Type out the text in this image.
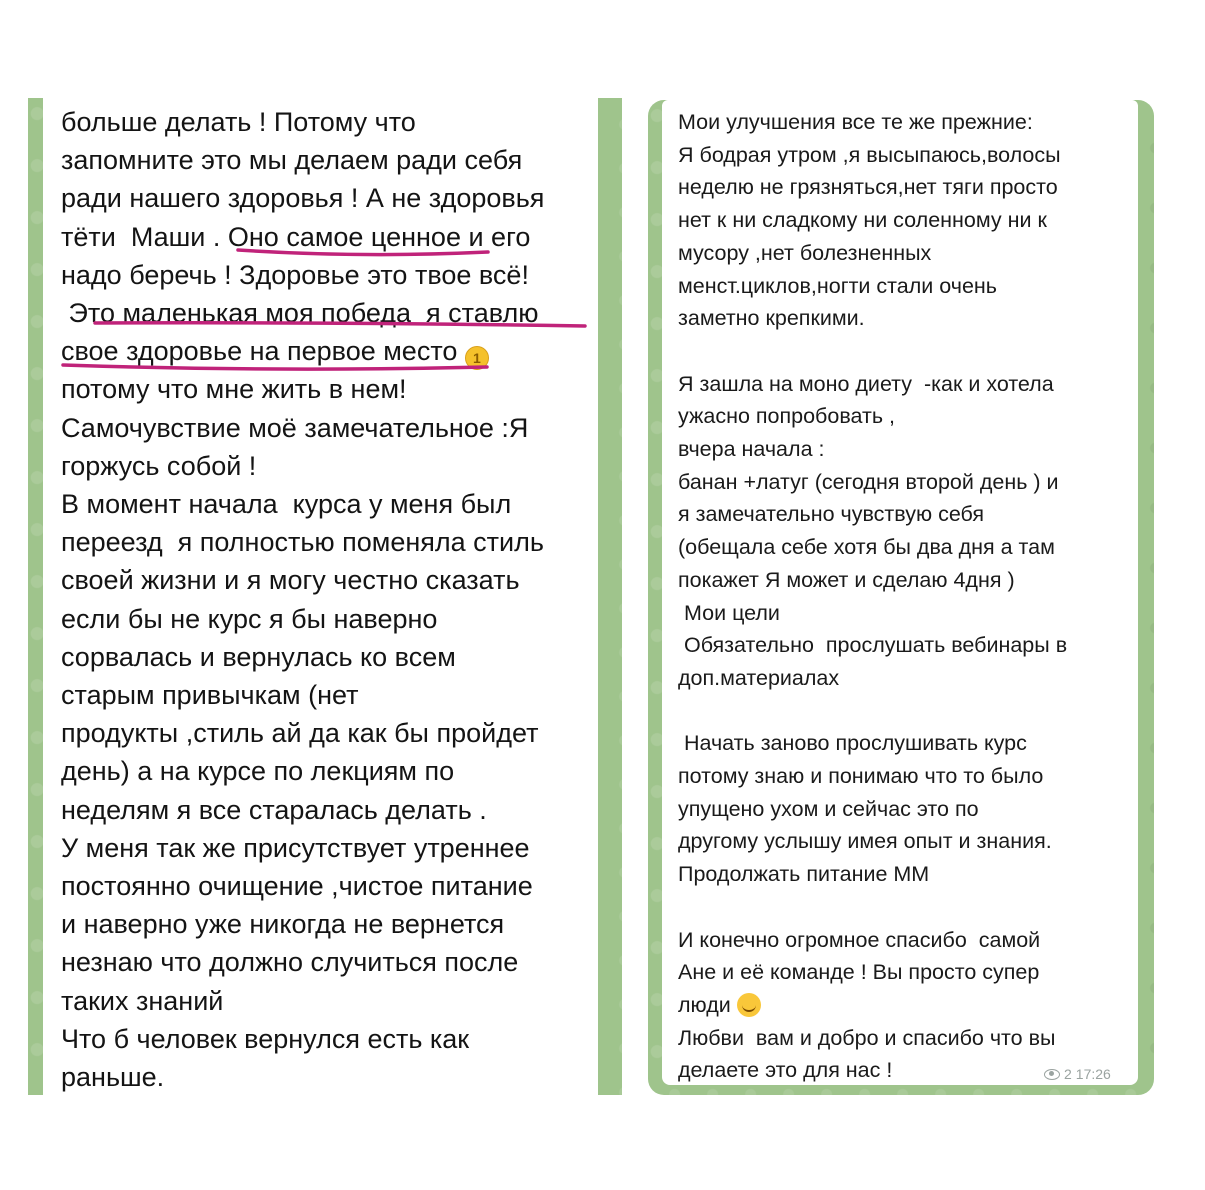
больше делать ! Потому что
запомните это мы делаем ради себя
ради нашего здоровья ! А не здоровья
тёти  Маши . Оно самое ценное и его
надо беречь ! Здоровье это твое всё!
Это маленькая моя победа  я ставлю
свое здоровье на первое место 1
потому что мне жить в нем!
Самочувствие моё замечательное :Я
горжусь собой !
В момент начала  курса у меня был
переезд  я полностью поменяла стиль
своей жизни и я могу честно сказать
если бы не курс я бы наверно
сорвалась и вернулась ко всем
старым привычкам (нет
продукты ,стиль ай да как бы пройдет
день) а на курсе по лекциям по
неделям я все старалась делать .
У меня так же присутствует утреннее
постоянно очищение ,чистое питание
и наверно уже никогда не вернется
незнаю что должно случиться после
таких знаний
Что б человек вернулся есть как
раньше.
Мои улучшения все те же прежние:
Я бодрая утром ,я высыпаюсь,волосы
неделю не грязняться,нет тяги просто
нет к ни сладкому ни соленному ни к
мусору ,нет болезненных
менст.циклов,ногти стали очень
заметно крепкими.

Я зашла на моно диету  -как и хотела
ужасно попробовать ,
вчера начала :
банан +латуг (сегодня второй день ) и
я замечательно чувствую себя
(обещала себе хотя бы два дня а там
покажет Я может и сделаю 4дня )
Мои цели
Обязательно  прослушать вебинары в
доп.материалах

Начать заново прослушивать курс
потому знаю и понимаю что то было
упущено ухом и сейчас это по
другому услышу имея опыт и знания.
Продолжать питание ММ

И конечно огромное спасибо  самой
Ане и её команде ! Вы просто супер
люди
Любви  вам и добро и спасибо что вы
делаете это для нас !	2 17:26
